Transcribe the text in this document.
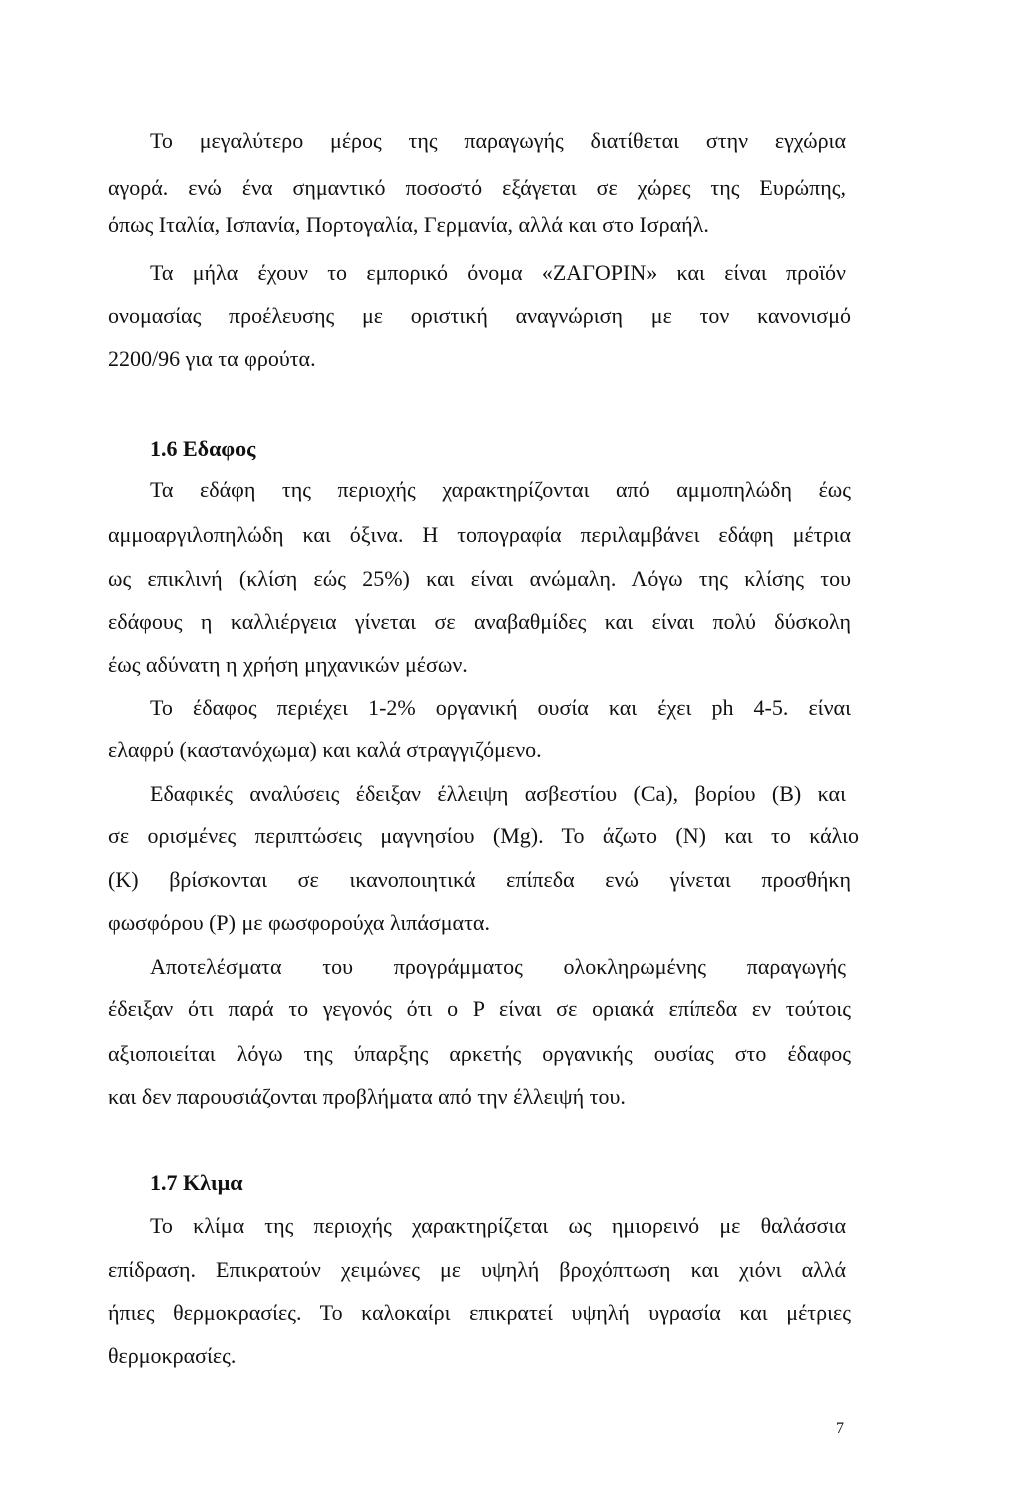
Το μεγαλύτερο μέρος της παραγωγής διατίθεται στην εγχώρια
αγορά. ενώ ένα σημαντικό ποσοστό εξάγεται σε χώρες της Ευρώπης,
όπως Ιταλία, Ισπανία, Πορτογαλία, Γερμανία, αλλά και στο Ισραήλ.
Τα μήλα έχουν το εμπορικό όνομα «ΖΑΓΟΡΙΝ» και είναι προϊόν
ονομασίας προέλευσης με οριστική αναγνώριση με τον κανονισμό
2200/96 για τα φρούτα.
1.6 Εδαφος
Τα εδάφη της περιοχής χαρακτηρίζονται από αμμοπηλώδη έως
αμμοαργιλοπηλώδη και όξινα. Η τοπογραφία περιλαμβάνει εδάφη μέτρια
ως επικλινή (κλίση εώς 25%) και είναι ανώμαλη. Λόγω της κλίσης του
εδάφους η καλλιέργεια γίνεται σε αναβαθμίδες και είναι πολύ δύσκολη
έως αδύνατη η χρήση μηχανικών μέσων.
Το έδαφος περιέχει 1-2% οργανική ουσία και έχει ph 4-5. είναι
ελαφρύ (καστανόχωμα) και καλά στραγγιζόμενο.
Εδαφικές αναλύσεις έδειξαν έλλειψη ασβεστίου (Ca), βορίου (Β) και
σε ορισμένες περιπτώσεις μαγνησίου (Mg). Το άζωτο (N) και το κάλιο
(K) βρίσκονται σε ικανοποιητικά επίπεδα ενώ γίνεται προσθήκη
φωσφόρου (P) με φωσφορούχα λιπάσματα.
Αποτελέσματα του προγράμματος ολοκληρωμένης παραγωγής
έδειξαν ότι παρά το γεγονός ότι ο P είναι σε οριακά επίπεδα εν τούτοις
αξιοποιείται λόγω της ύπαρξης αρκετής οργανικής ουσίας στο έδαφος
και δεν παρουσιάζονται προβλήματα από την έλλειψή του.
1.7 Κλιμα
Το κλίμα της περιοχής χαρακτηρίζεται ως ημιορεινό με θαλάσσια
επίδραση. Επικρατούν χειμώνες με υψηλή βροχόπτωση και χιόνι αλλά
ήπιες θερμοκρασίες. Το καλοκαίρι επικρατεί υψηλή υγρασία και μέτριες
θερμοκρασίες.
7
